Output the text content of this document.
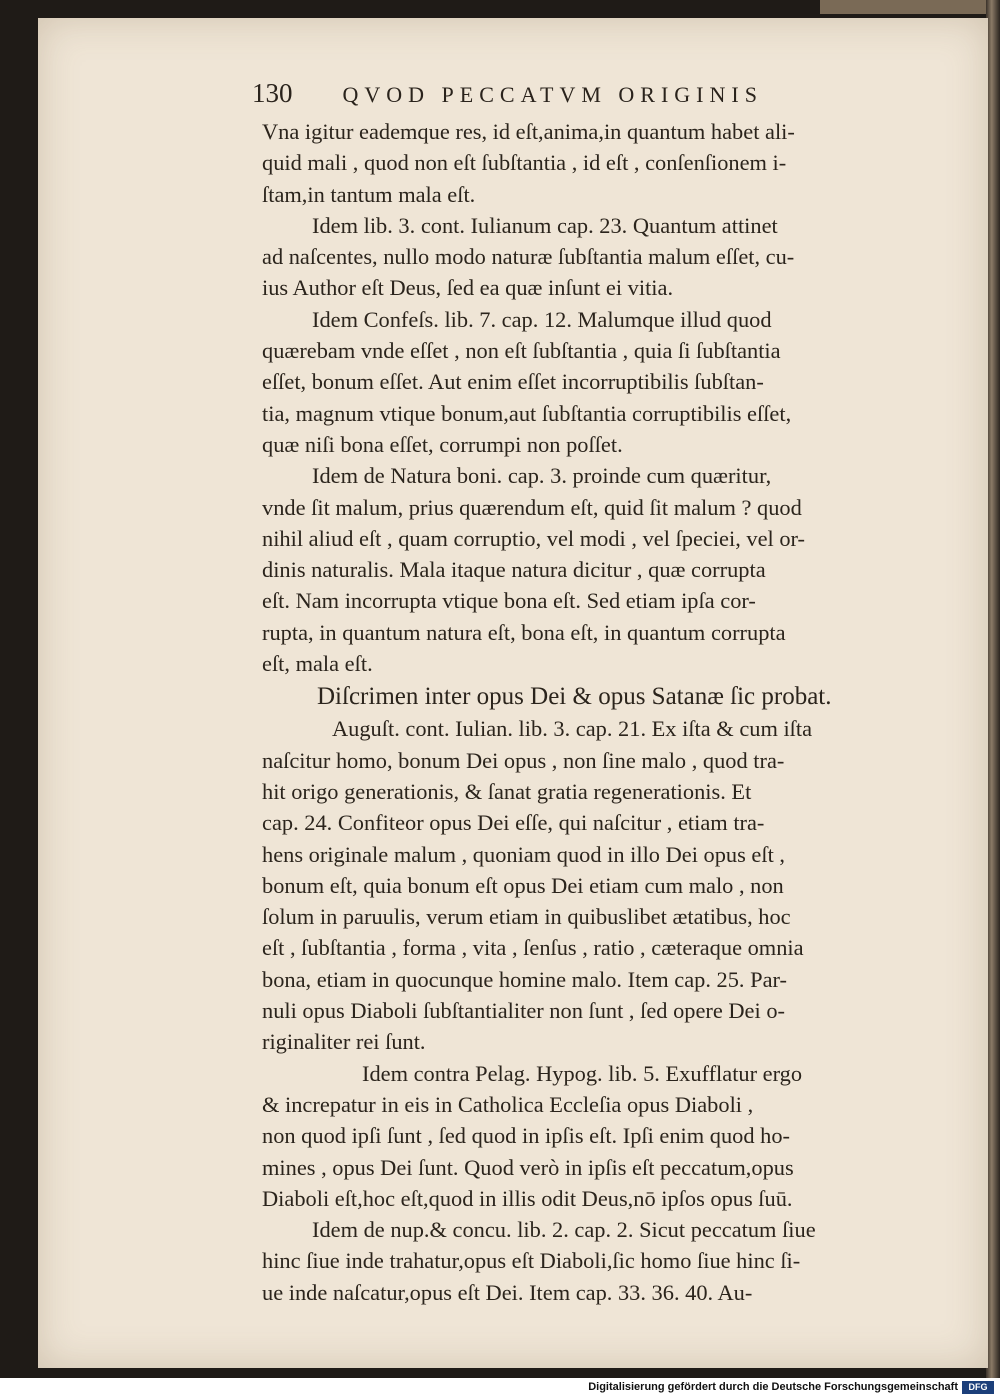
130 QVOD PECCATVM ORIGINIS
Vna igitur eademque res, id eſt,anima,in quantum habet ali-
quid mali , quod non eſt ſubſtantia , id eſt , conſenſionem i-
ſtam,in tantum mala eſt.
Idem lib. 3. cont. Iulianum cap. 23. Quantum attinet
ad naſcentes, nullo modo naturæ ſubſtantia malum eſſet, cu-
ius Author eſt Deus, ſed ea quæ inſunt ei vitia.
Idem Confeſs. lib. 7. cap. 12. Malumque illud quod
quærebam vnde eſſet , non eſt ſubſtantia , quia ſi ſubſtantia
eſſet, bonum eſſet. Aut enim eſſet incorruptibilis ſubſtan-
tia, magnum vtique bonum,aut ſubſtantia corruptibilis eſſet,
quæ niſi bona eſſet, corrumpi non poſſet.
Idem de Natura boni. cap. 3. proinde cum quæritur,
vnde ſit malum, prius quærendum eſt, quid ſit malum ? quod
nihil aliud eſt , quam corruptio, vel modi , vel ſpeciei, vel or-
dinis naturalis. Mala itaque natura dicitur , quæ corrupta
eſt. Nam incorrupta vtique bona eſt. Sed etiam ipſa cor-
rupta, in quantum natura eſt, bona eſt, in quantum corrupta
eſt, mala eſt.
Diſcrimen inter opus Dei & opus Satanæ ſic probat.
Auguſt. cont. Iulian. lib. 3. cap. 21. Ex iſta & cum iſta
naſcitur homo, bonum Dei opus , non ſine malo , quod tra-
hit origo generationis, & ſanat gratia regenerationis. Et
cap. 24. Confiteor opus Dei eſſe, qui naſcitur , etiam tra-
hens originale malum , quoniam quod in illo Dei opus eſt ,
bonum eſt, quia bonum eſt opus Dei etiam cum malo , non
ſolum in paruulis, verum etiam in quibuslibet ætatibus, hoc
eſt , ſubſtantia , forma , vita , ſenſus , ratio , cæteraque omnia
bona, etiam in quocunque homine malo. Item cap. 25. Par-
nuli opus Diaboli ſubſtantialiter non ſunt , ſed opere Dei o-
riginaliter rei ſunt.
Idem contra Pelag. Hypog. lib. 5. Exufflatur ergo
& increpatur in eis in Catholica Eccleſia opus Diaboli ,
non quod ipſi ſunt , ſed quod in ipſis eſt. Ipſi enim quod ho-
mines , opus Dei ſunt. Quod verò in ipſis eſt peccatum,opus
Diaboli eſt,hoc eſt,quod in illis odit Deus,nō ipſos opus ſuū.
Idem de nup.& concu. lib. 2. cap. 2. Sicut peccatum ſiue
hinc ſiue inde trahatur,opus eſt Diaboli,ſic homo ſiue hinc ſi-
ue inde naſcatur,opus eſt Dei. Item cap. 33. 36. 40. Au-
Digitalisierung gefördert durch die Deutsche Forschungsgemeinschaft	DFG
